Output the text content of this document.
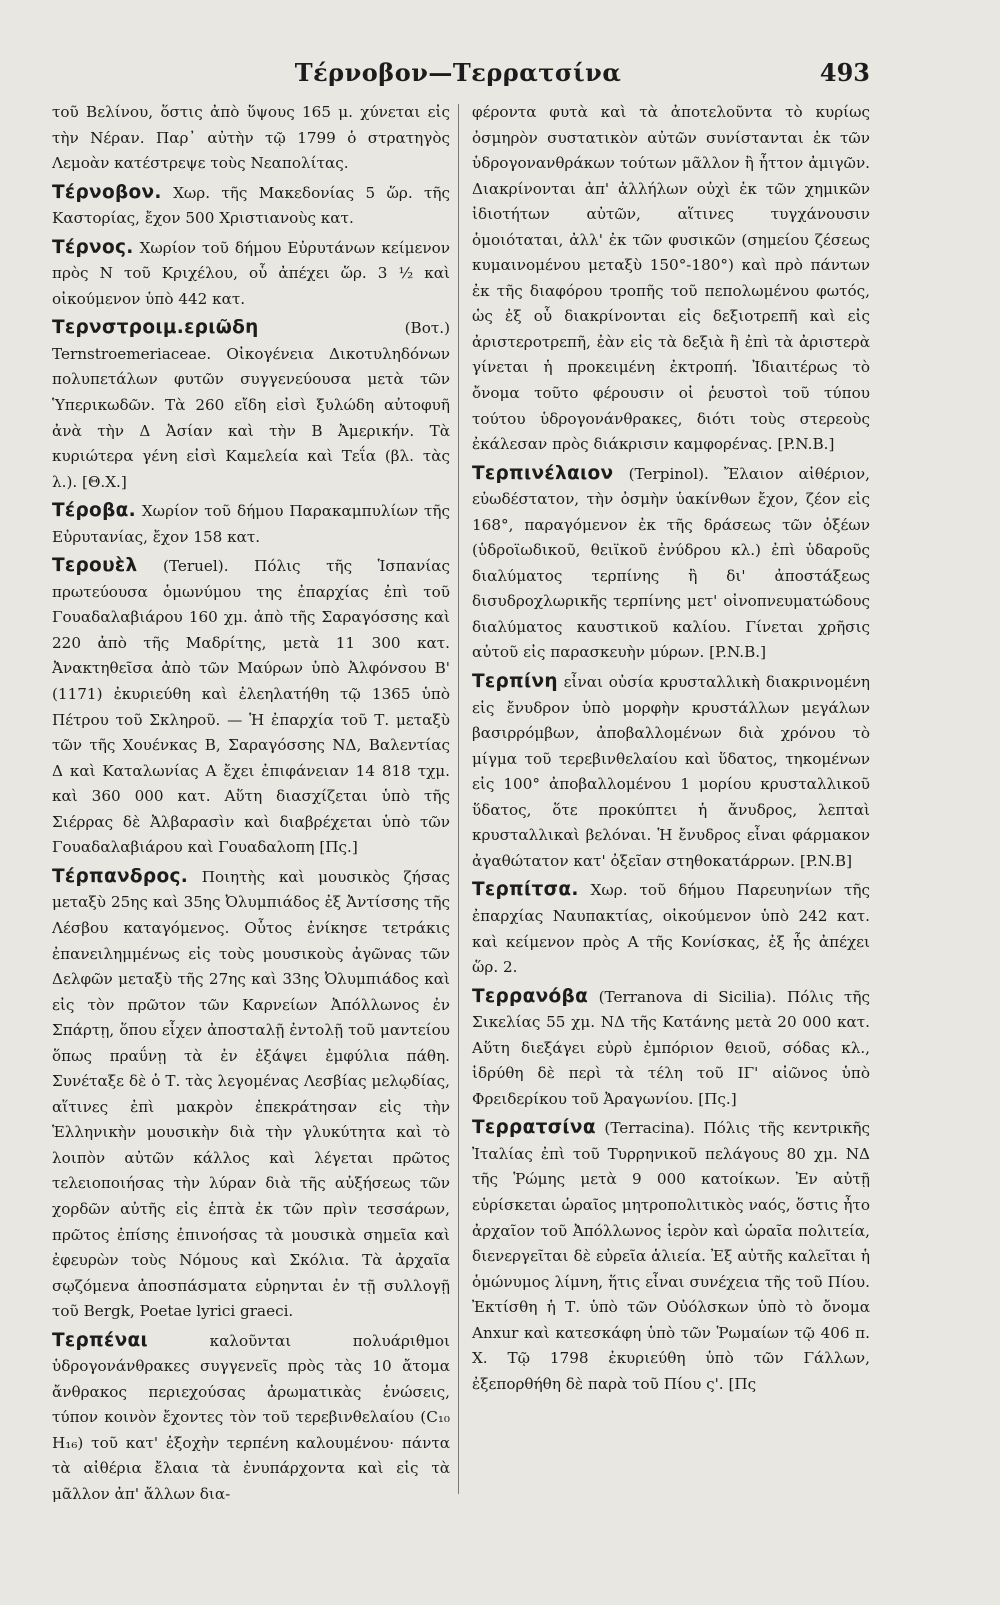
Τέρνοβον—Τερρατσίνα	493

τοῦ Βελίνου, ὅστις ἀπὸ ὕψους 165 μ. χύνεται εἰς τὴν Νέραν. Παρ᾽ αὐτὴν τῷ 1799 ὁ στρατηγὸς Λεμοὰν κατέστρεψε τοὺς Νεαπολίτας.

Τέρνοβον. Χωρ. τῆς Μακεδονίας 5 ὥρ. τῆς Καστορίας, ἔχον 500 Χριστιανοὺς κατ.

Τέρνος. Χωρίον τοῦ δήμου Εὐρυτάνων κείμενον πρὸς Ν τοῦ Κριχέλου, οὗ ἀπέχει ὥρ. 3 ½ καὶ οἰκούμενον ὑπὸ 442 κατ.

Τερνστροιμ.εριῶδη (Βοτ.) Ternstroemeriaceae. Οἰκογένεια Δικοτυληδόνων πολυπετάλων φυτῶν συγγενεύουσα μετὰ τῶν Ὑπερικωδῶν. Τὰ 260 εἴδη εἰσὶ ξυλώδη αὐτοφυῆ ἀνὰ τὴν Δ Ἀσίαν καὶ τὴν Β Ἀμερικήν. Τὰ κυριώτερα γένη εἰσὶ Καμελεία καὶ Τεΐα (βλ. τὰς λ.). [Θ.Χ.]

Τέροβα. Χωρίον τοῦ δήμου Παρακαμπυλίων τῆς Εὐρυτανίας, ἔχον 158 κατ.

Τερουὲλ (Teruel). Πόλις τῆς Ἱσπανίας πρωτεύουσα ὁμωνύμου της ἐπαρχίας ἐπὶ τοῦ Γουαδαλαβιάρου 160 χμ. ἀπὸ τῆς Σαραγόσσης καὶ 220 ἀπὸ τῆς Μαδρίτης, μετὰ 11 300 κατ. Ἀνακτηθεῖσα ἀπὸ τῶν Μαύρων ὑπὸ Ἀλφόνσου Β' (1171) ἐκυριεύθη καὶ ἐλεηλατήθη τῷ 1365 ὑπὸ Πέτρου τοῦ Σκληροῦ. — Ἡ ἐπαρχία τοῦ Τ. μεταξὺ τῶν τῆς Χουένκας Β, Σαραγόσσης ΝΔ, Βαλεντίας Δ καὶ Καταλωνίας Α ἔχει ἐπιφάνειαν 14 818 τχμ. καὶ 360 000 κατ. Αὕτη διασχίζεται ὑπὸ τῆς Σιέρρας δὲ Ἀλβαρασὶν καὶ διαβρέχεται ὑπὸ τῶν Γουαδαλαβιάρου καὶ Γουαδαλοπη [Πς.]

Τέρπανδρος. Ποιητὴς καὶ μουσικὸς ζήσας μεταξὺ 25ης καὶ 35ης Ὀλυμπιάδος ἐξ Ἀντίσσης τῆς Λέσβου καταγόμενος. Οὗτος ἐνίκησε τετράκις ἐπανειλημμένως εἰς τοὺς μουσικοὺς ἀγῶνας τῶν Δελφῶν μεταξὺ τῆς 27ης καὶ 33ης Ὀλυμπιάδος καὶ εἰς τὸν πρῶτον τῶν Καρνείων Ἀπόλλωνος ἐν Σπάρτῃ, ὅπου εἶχεν ἀποσταλῇ ἐντολῇ τοῦ μαντείου ὅπως πραΰνῃ τὰ ἐν ἐξάψει ἐμφύλια πάθη. Συνέταξε δὲ ὁ Τ. τὰς λεγομένας Λεσβίας μελῳδίας, αἵτινες ἐπὶ μακρὸν ἐπεκράτησαν εἰς τὴν Ἑλληνικὴν μουσικὴν διὰ τὴν γλυκύτητα καὶ τὸ λοιπὸν αὐτῶν κάλλος καὶ λέγεται πρῶτος τελειοποιήσας τὴν λύραν διὰ τῆς αὐξήσεως τῶν χορδῶν αὐτῆς εἰς ἑπτὰ ἐκ τῶν πρὶν τεσσάρων, πρῶτος ἐπίσης ἐπινοήσας τὰ μουσικὰ σημεῖα καὶ ἐφευρὼν τοὺς Νόμους καὶ Σκόλια. Τὰ ἀρχαῖα σῳζόμενα ἀποσπάσματα εὑρηνται ἐν τῇ συλλογῇ τοῦ Bergk, Poetae lyrici graeci.

Τερπέναι καλοῦνται πολυάριθμοι ὑδρογονάνθρακες συγγενεῖς πρὸς τὰς 10 ἄτομα ἄνθρακος περιεχούσας ἀρωματικὰς ἑνώσεις, τύπον κοινὸν ἔχοντες τὸν τοῦ τερεβινθελαίου (C₁₀ H₁₆) τοῦ κατ' ἐξοχὴν τερπένη καλουμένου· πάντα τὰ αἰθέρια ἔλαια τὰ ἐνυπάρχοντα καὶ εἰς τὰ μᾶλλον ἀπ' ἄλλων δια-

φέροντα φυτὰ καὶ τὰ ἀποτελοῦντα τὸ κυρίως ὀσμηρὸν συστατικὸν αὐτῶν συνίστανται ἐκ τῶν ὑδρογονανθράκων τούτων μᾶλλον ἢ ἧττον ἀμιγῶν. Διακρίνονται ἀπ' ἀλλήλων οὐχὶ ἐκ τῶν χημικῶν ἰδιοτήτων αὐτῶν, αἵτινες τυγχάνουσιν ὁμοιόταται, ἀλλ' ἐκ τῶν φυσικῶν (σημείου ζέσεως κυμαινομένου μεταξὺ 150°-180°) καὶ πρὸ πάντων ἐκ τῆς διαφόρου τροπῆς τοῦ πεπολωμένου φωτός, ὡς ἐξ οὗ διακρίνονται εἰς δεξιοτρεπῆ καὶ εἰς ἀριστεροτρεπῆ, ἐὰν εἰς τὰ δεξιὰ ἢ ἐπὶ τὰ ἀριστερὰ γίνεται ἡ προκειμένη ἐκτροπή. Ἰδιαιτέρως τὸ ὄνομα τοῦτο φέρουσιν οἱ ῥευστοὶ τοῦ τύπου τούτου ὑδρογονάνθρακες, διότι τοὺς στερεοὺς ἐκάλεσαν πρὸς διάκρισιν καμφορένας. [P.N.B.]

Τερπινέλαιον (Terpinol). Ἔλαιον αἰθέριον, εὐωδέστατον, τὴν ὀσμὴν ὑακίνθων ἔχον, ζέον εἰς 168°, παραγόμενον ἐκ τῆς δράσεως τῶν ὀξέων (ὑδροϊωδικοῦ, θειϊκοῦ ἐνύδρου κλ.) ἐπὶ ὑδαροῦς διαλύματος τερπίνης ἢ δι' ἀποστάξεως δισυδροχλωρικῆς τερπίνης μετ' οἰνοπνευματώδους διαλύματος καυστικοῦ καλίου. Γίνεται χρῆσις αὐτοῦ εἰς παρασκευὴν μύρων. [P.N.B.]

Τερπίνη εἶναι οὐσία κρυσταλλικὴ διακρινομένη εἰς ἔνυδρον ὑπὸ μορφὴν κρυστάλλων μεγάλων βασιρρόμβων, ἀποβαλλομένων διὰ χρόνου τὸ μίγμα τοῦ τερεβινθελαίου καὶ ὕδατος, τηκομένων εἰς 100° ἀποβαλλομένου 1 μορίου κρυσταλλικοῦ ὕδατος, ὅτε προκύπτει ἡ ἄνυδρος, λεπταὶ κρυσταλλικαὶ βελόναι. Ἡ ἔνυδρος εἶναι φάρμακον ἀγαθώτατον κατ' ὀξεῖαν στηθοκατάρρων. [P.N.B]

Τερπίτσα. Χωρ. τοῦ δήμου Παρευηνίων τῆς ἐπαρχίας Ναυπακτίας, οἰκούμενον ὑπὸ 242 κατ. καὶ κείμενον πρὸς Α τῆς Κονίσκας, ἐξ ἧς ἀπέχει ὥρ. 2.

Τερρανόβα (Terranova di Sicilia). Πόλις τῆς Σικελίας 55 χμ. ΝΔ τῆς Κατάνης μετὰ 20 000 κατ. Αὕτη διεξάγει εὐρὺ ἐμπόριον θειοῦ, σόδας κλ., ἱδρύθη δὲ περὶ τὰ τέλη τοῦ ΙΓ' αἰῶνος ὑπὸ Φρειδερίκου τοῦ Ἀραγωνίου. [Πς.]

Τερρατσίνα (Terracina). Πόλις τῆς κεντρικῆς Ἰταλίας ἐπὶ τοῦ Τυρρηνικοῦ πελάγους 80 χμ. ΝΔ τῆς Ῥώμης μετὰ 9 000 κατοίκων. Ἐν αὐτῇ εὑρίσκεται ὡραῖος μητροπολιτικὸς ναός, ὅστις ἦτο ἀρχαῖον τοῦ Ἀπόλλωνος ἱερὸν καὶ ὡραῖα πολιτεία, διενεργεῖται δὲ εὐρεῖα ἁλιεία. Ἐξ αὐτῆς καλεῖται ἡ ὁμώνυμος λίμνη, ἥτις εἶναι συνέχεια τῆς τοῦ Πίου. Ἐκτίσθη ἡ Τ. ὑπὸ τῶν Οὐόλσκων ὑπὸ τὸ ὄνομα Anxur καὶ κατεσκάφη ὑπὸ τῶν Ῥωμαίων τῷ 406 π. Χ. Τῷ 1798 ἐκυριεύθη ὑπὸ τῶν Γάλλων, ἐξεπορθήθη δὲ παρὰ τοῦ Πίου ς'. [Πς
